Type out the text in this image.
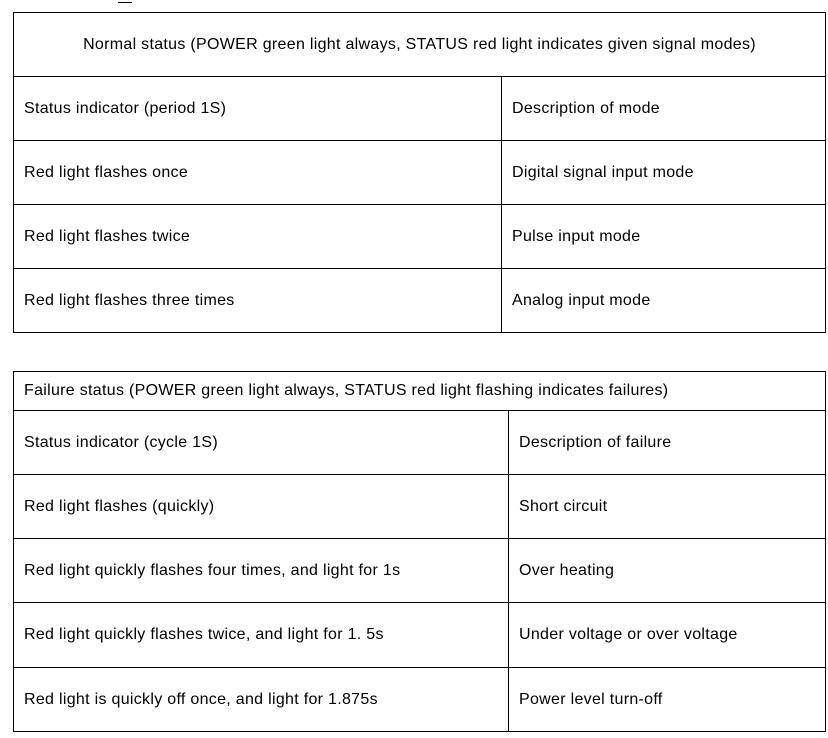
Normal status (POWER green light always, STATUS red light indicates given signal modes)	
Status indicator (period 1S)	Description of mode
Red light flashes once	Digital signal input mode
Red light flashes twice	Pulse input mode
Red light flashes three times	Analog input mode
Failure status (POWER green light always, STATUS red light flashing indicates failures)	
Status indicator (cycle 1S)	Description of failure
Red light flashes (quickly)	Short circuit
Red light quickly flashes four times, and light for 1s	Over heating
Red light quickly flashes twice, and light for 1. 5s	Under voltage or over voltage
Red light is quickly off once, and light for 1.875s	Power level turn-off
